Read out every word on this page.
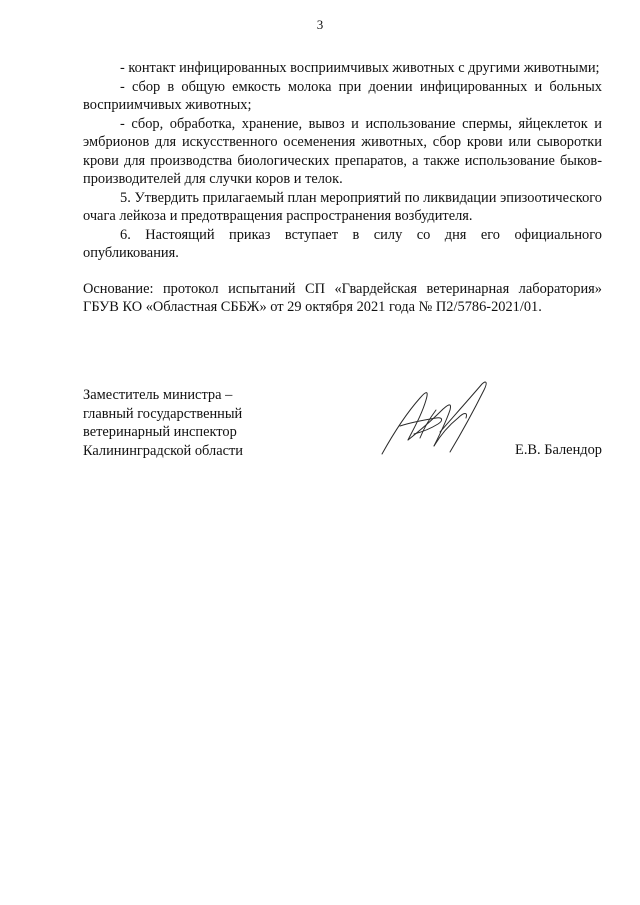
3

- контакт инфицированных восприимчивых животных с другими животными;

- сбор в общую емкость молока при доении инфицированных и больных восприимчивых животных;

- сбор, обработка, хранение, вывоз и использование спермы, яйцеклеток и эмбрионов для искусственного осеменения животных, сбор крови или сыворотки крови для производства биологических препаратов, а также использование быков-производителей для случки коров и телок.

5. Утвердить прилагаемый план мероприятий по ликвидации эпизоотического очага лейкоза и предотвращения распространения возбудителя.

6. Настоящий приказ вступает в силу со дня его официального опубликования.

Основание: протокол испытаний СП «Гвардейская ветеринарная лаборатория» ГБУВ КО «Областная СББЖ» от 29 октября 2021 года № П2/5786-2021/01.

Заместитель министра –
главный государственный
ветеринарный инспектор
Калининградской области	Е.В. Балендор
